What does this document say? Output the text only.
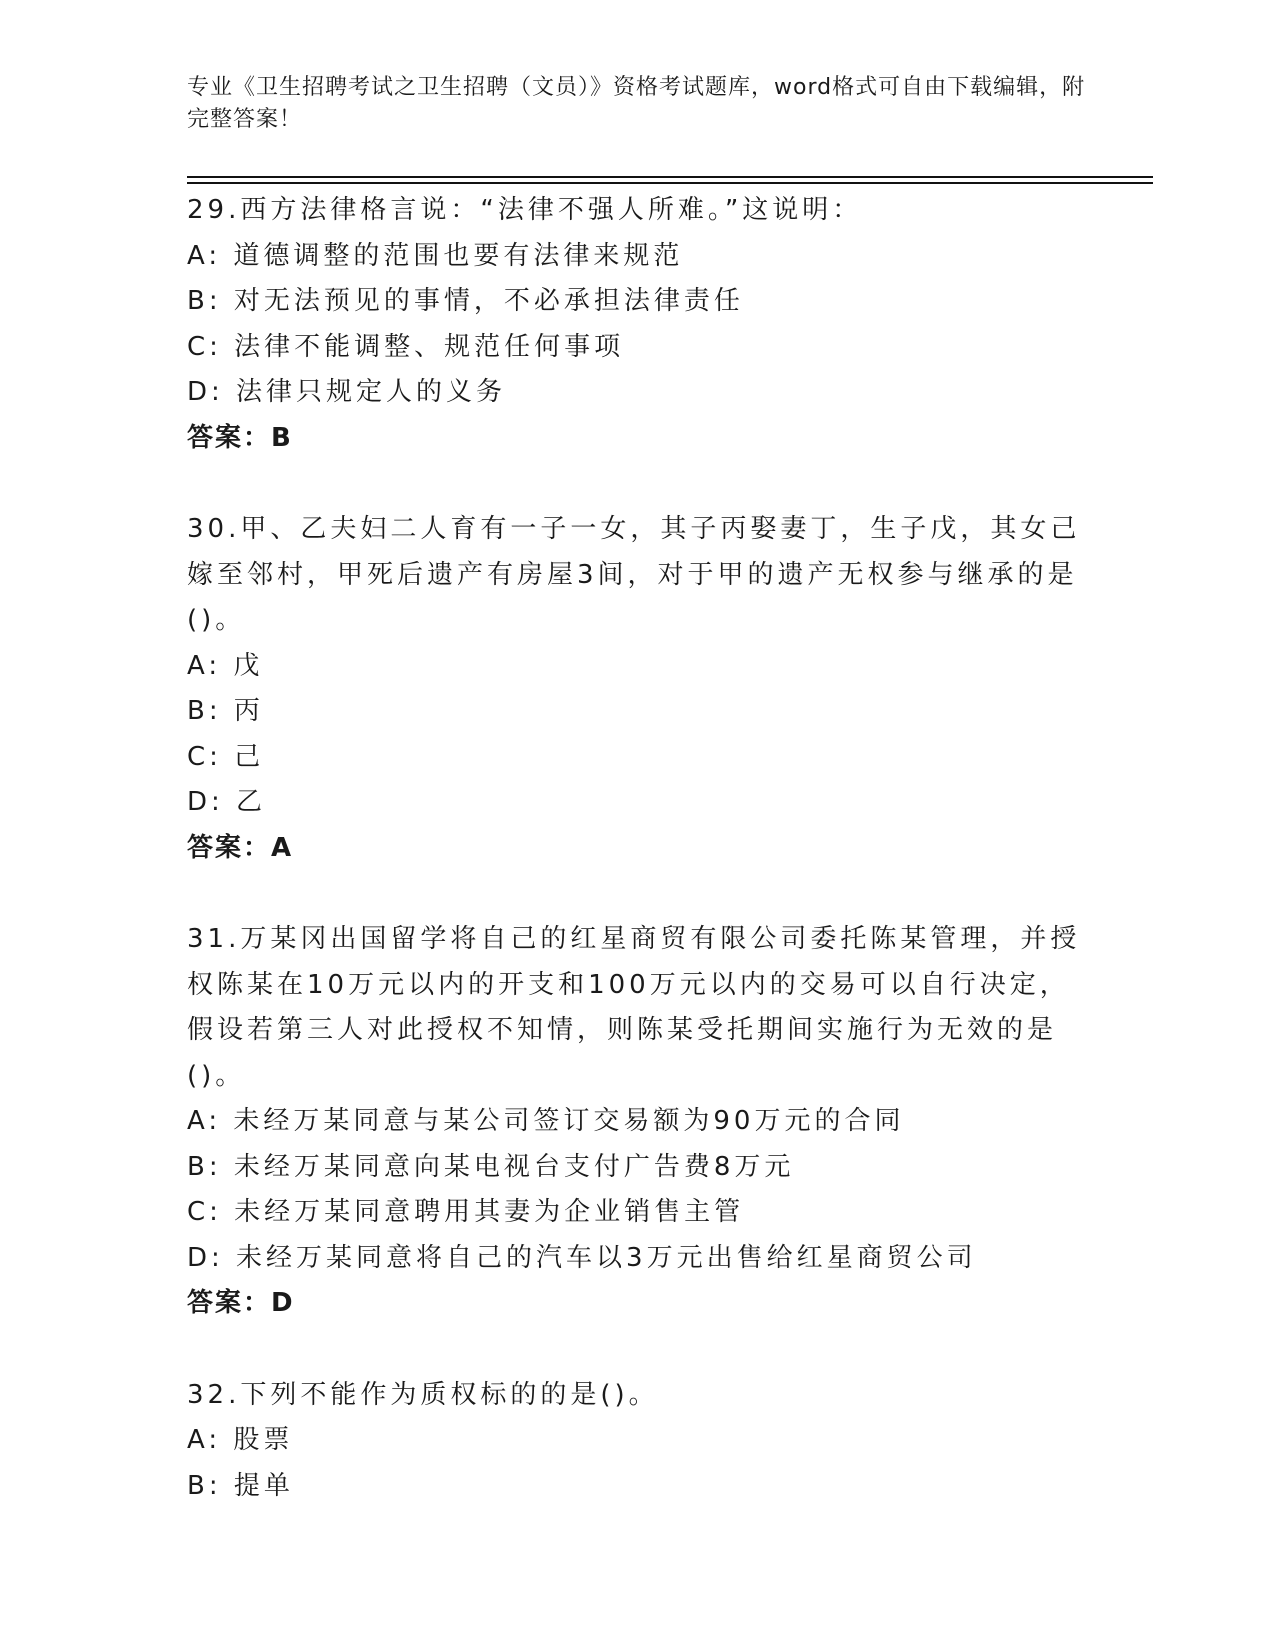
专业《卫生招聘考试之卫生招聘（文员）》资格考试题库，word格式可自由下载编辑，附完整答案！
29.西方法律格言说：“法律不强人所难。”这说明：
A: 道德调整的范围也要有法律来规范
B: 对无法预见的事情，不必承担法律责任
C: 法律不能调整、规范任何事项
D: 法律只规定人的义务
答案：B
30.甲、乙夫妇二人育有一子一女，其子丙娶妻丁，生子戊，其女己嫁至邻村，甲死后遗产有房屋3间，对于甲的遗产无权参与继承的是()。
A: 戊
B: 丙
C: 己
D: 乙
答案：A
31.万某冈出国留学将自己的红星商贸有限公司委托陈某管理，并授权陈某在10万元以内的开支和100万元以内的交易可以自行决定，假设若第三人对此授权不知情，则陈某受托期间实施行为无效的是()。
A: 未经万某同意与某公司签订交易额为90万元的合同
B: 未经万某同意向某电视台支付广告费8万元
C: 未经万某同意聘用其妻为企业销售主管
D: 未经万某同意将自己的汽车以3万元出售给红星商贸公司
答案：D
32.下列不能作为质权标的的是()。
A: 股票
B: 提单
